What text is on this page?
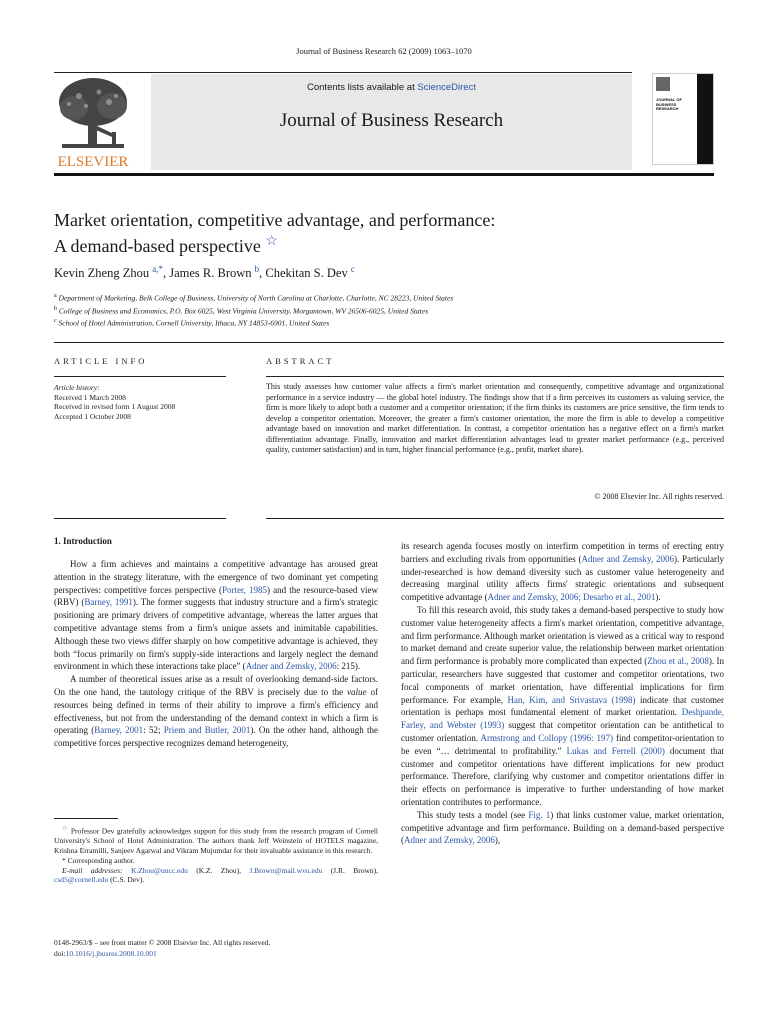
Journal of Business Research 62 (2009) 1063–1070
ELSEVIER
Contents lists available at ScienceDirect
Journal of Business Research
JOURNAL OF BUSINESS RESEARCH
Market orientation, competitive advantage, and performance:
A demand-based perspective ☆
Kevin Zheng Zhou $^{a,*}$, James R. Brown $^b$, Chekitan S. Dev $^c$
$^a$ Department of Marketing, Belk College of Business, University of North Carolina at Charlotte, Charlotte, NC 28223, United States
$^b$ College of Business and Economics, P.O. Box 6025, West Virginia University, Morgantown, WV 26506-6025, United States
$^c$ School of Hotel Administration, Cornell University, Ithaca, NY 14853-6901, United States
ARTICLE INFO	ABSTRACT
Article history:
Received 1 March 2008
Received in revised form 1 August 2008
Accepted 1 October 2008
This study assesses how customer value affects a firm's market orientation and consequently, competitive advantage and organizational performance in a service industry — the global hotel industry. The findings show that if a firm perceives its customers as valuing service, the firm is more likely to adopt both a customer and a competitor orientation; if the firm thinks its customers are price sensitive, the firm tends to develop a competitor orientation. Moreover, the greater a firm's customer orientation, the more the firm is able to develop a competitive advantage based on innovation and market differentiation. In contrast, a competitor orientation has a negative effect on a firm's market differentiation advantage. Finally, innovation and market differentiation advantages lead to greater market performance (e.g., perceived quality, customer satisfaction) and in turn, higher financial performance (e.g., profit, market share).
© 2008 Elsevier Inc. All rights reserved.
1. Introduction

How a firm achieves and maintains a competitive advantage has aroused great attention in the strategy literature, with the emergence of two dominant yet competing perspectives: competitive forces perspective (Porter, 1985) and the resource-based view (RBV) (Barney, 1991). The former suggests that industry structure and a firm's strategic positioning are primary drivers of competitive advantage, whereas the latter argues that competitive advantage stems from a firm's unique assets and inimitable capabilities. Although these two views differ sharply on how competitive advantage is achieved, they both “focus primarily on firm's supply-side interactions and largely neglect the demand environment in which these interactions take place” (Adner and Zemsky, 2006: 215).

A number of theoretical issues arise as a result of overlooking demand-side factors. On the one hand, the tautology critique of the RBV is precisely due to the value of resources being defined in terms of their ability to improve a firm's efficiency and effectiveness, but not from the understanding of the demand context in which a firm is operating (Barney, 2001: 52; Priem and Butler, 2001). On the other hand, although the competitive forces perspective recognizes demand heterogeneity,

its research agenda focuses mostly on interfirm competition in terms of erecting entry barriers and excluding rivals from opportunities (Adner and Zemsky, 2006). Particularly under-researched is how demand diversity such as customer value heterogeneity and decreasing marginal utility affects firms' strategic orientations and subsequent competitive advantage (Adner and Zemsky, 2006; Desarbo et al., 2001).

To fill this research avoid, this study takes a demand-based perspective to study how customer value heterogeneity affects a firm's market orientation, competitive advantage, and firm performance. Although market orientation is viewed as a critical way to respond to market demand and create superior value, the relationship between market orientation and firm performance is probably more complicated than expected (Zhou et al., 2008). In particular, researchers have suggested that customer and competitor orientations, two focal components of market orientation, have differential implications for firm performance. For example, Han, Kim, and Srivastava (1998) indicate that customer orientation is perhaps most fundamental element of market orientation. Deshpande, Farley, and Webster (1993) suggest that competitor orientation can be antithetical to customer orientation. Armstrong and Collopy (1996: 197) find competitor-orientation to be even “… detrimental to profitability.” Lukas and Ferrell (2000) document that customer and competitor orientations have different implications for new product performance. Therefore, clarifying why customer and competitor orientations differ in their effects on performance is imperative to further understanding of how market orientation contributes to performance.

This study tests a model (see Fig. 1) that links customer value, market orientation, competitive advantage and firm performance. Building on a demand-based perspective (Adner and Zemsky, 2006),

☆ Professor Dev gratefully acknowledges support for this study from the research program of Cornell University's School of Hotel Administration. The authors thank Jeff Weinstein of HOTELS magazine, Krishna Erramilli, Sanjeev Agarwal and Vikram Mujumdar for their invaluable assistance in this research.
* Corresponding author.
E-mail addresses: K.Zhou@uncc.edu (K.Z. Zhou), J.Brown@mail.wvu.edu (J.R. Brown), csd5@cornell.edu (C.S. Dev).
0148-2963/$ – see front matter © 2008 Elsevier Inc. All rights reserved.
doi:10.1016/j.jbusres.2008.10.001
